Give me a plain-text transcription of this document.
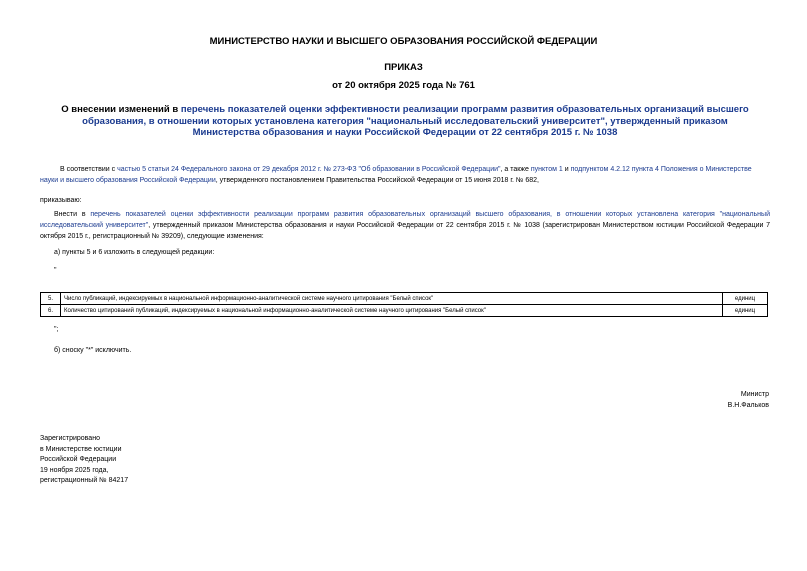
МИНИСТЕРСТВО НАУКИ И ВЫСШЕГО ОБРАЗОВАНИЯ РОССИЙСКОЙ ФЕДЕРАЦИИ
ПРИКАЗ
от 20 октября 2025 года № 761
О внесении изменений в перечень показателей оценки эффективности реализации программ развития образовательных организаций высшего образования, в отношении которых установлена категория "национальный исследовательский университет", утвержденный приказом Министерства образования и науки Российской Федерации от 22 сентября 2015 г. № 1038
В соответствии с частью 5 статьи 24 Федерального закона от 29 декабря 2012 г. № 273-ФЗ "Об образовании в Российской Федерации", а также пунктом 1 и подпунктом 4.2.12 пункта 4 Положения о Министерстве науки и высшего образования Российской Федерации, утвержденного постановлением Правительства Российской Федерации от 15 июня 2018 г. № 682,
приказываю:
Внести в перечень показателей оценки эффективности реализации программ развития образовательных организаций высшего образования, в отношении которых установлена категория "национальный исследовательский университет", утвержденный приказом Министерства образования и науки Российской Федерации от 22 сентября 2015 г. № 1038 (зарегистрирован Министерством юстиции Российской Федерации 7 октября 2015 г., регистрационный № 39209), следующие изменения:
а) пункты 5 и 6 изложить в следующей редакции:
"
5.	Число публикаций, индексируемых в национальной информационно-аналитической системе научного цитирования "Белый список"	единиц
6.	Количество цитирований публикаций, индексируемых в национальной информационно-аналитической системе научного цитирования "Белый список"	единиц
";
б) сноску "*" исключить.
Министр
В.Н.Фальков
Зарегистрировано
в Министерстве юстиции
Российской Федерации
19 ноября 2025 года,
регистрационный № 84217
